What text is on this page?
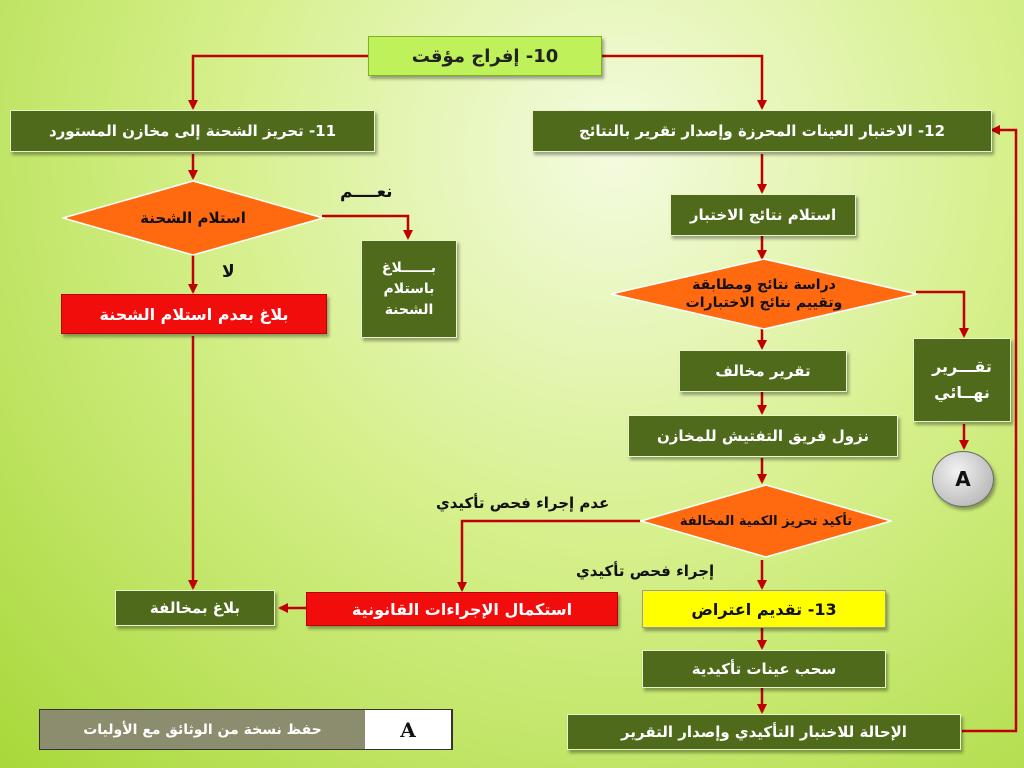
10- إفراج مؤقت
11- تحريز الشحنة إلى مخازن المستورد	12- الاختبار العينات المحرزة وإصدار تقرير بالنتائج
استلام الشحنة
نعــــم
لا	بــــــلاغ باستلام الشحنة
بلاغ بعدم استلام الشحنة
استلام نتائج الاختبار
دراسة نتائج ومطابقة وتقييم نتائج الاختبارات
تقـــرير نهــائي
A
تقرير مخالف
نزول فريق التفتيش للمخازن
تأكيد تحريز الكمية المخالفة
عدم إجراء فحص تأكيدي
إجراء فحص تأكيدي
استكمال الإجراءات القانونية
بلاغ بمخالفة	13- تقديم اعتراض
سحب عينات تأكيدية
الإحالة للاختبار التأكيدي وإصدار التقرير
حفظ نسخة من الوثائق مع الأوليات	A
